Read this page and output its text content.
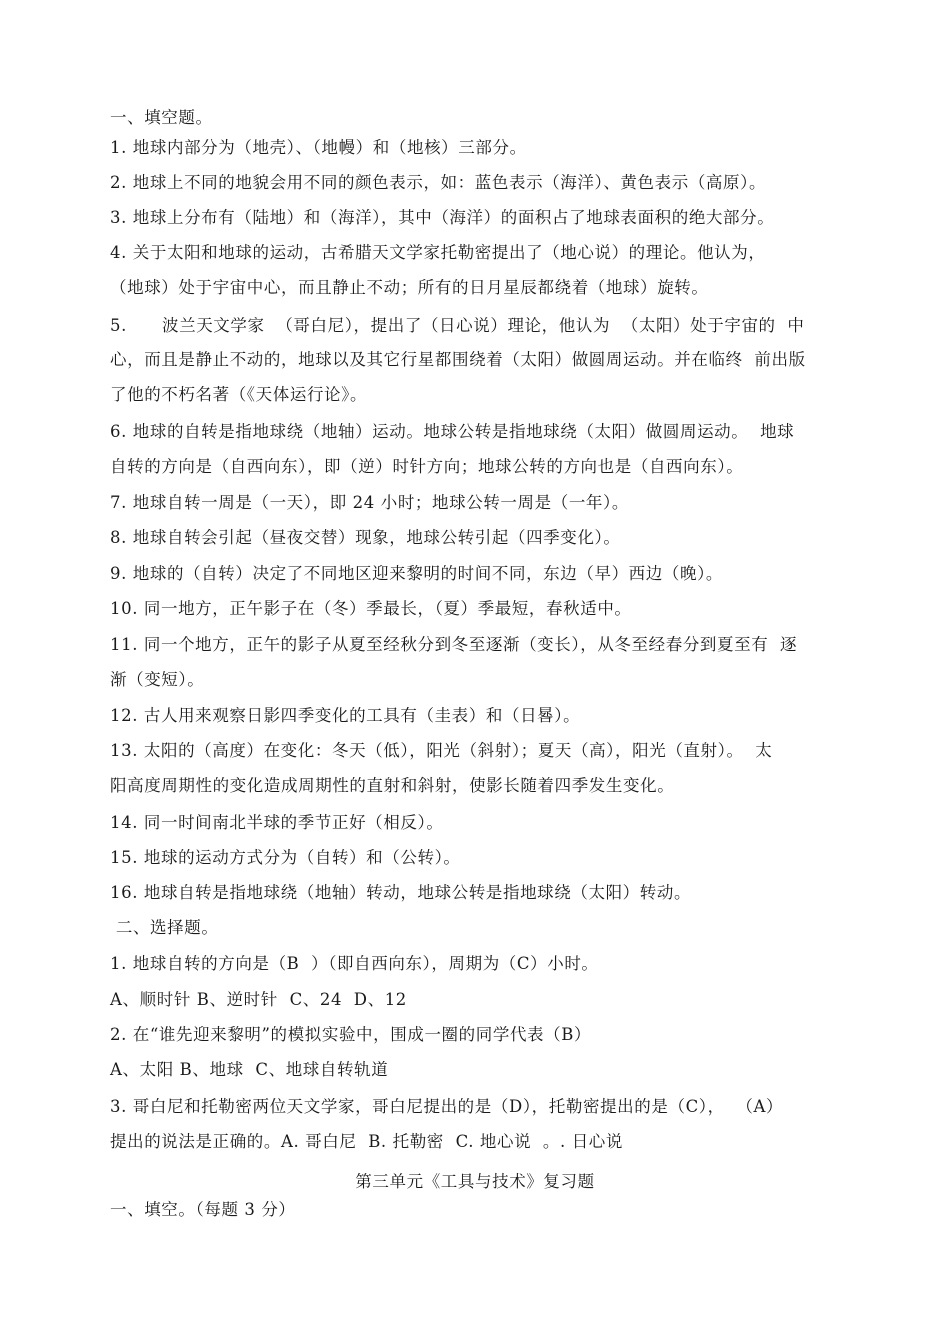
一、填空题。
1. 地球内部分为（地壳）、（地幔）和（地核）三部分。
2. 地球上不同的地貌会用不同的颜色表示，如：蓝色表示（海洋）、黄色表示（高原）。
3. 地球上分布有（陆地）和（海洋），其中（海洋）的面积占了地球表面积的绝大部分。
4. 关于太阳和地球的运动，古希腊天文学家托勒密提出了（地心说）的理论。他认为，
（地球）处于宇宙中心，而且静止不动；所有的日月星辰都绕着（地球）旋转。
5.      波兰天文学家  （哥白尼），提出了（日心说）理论，他认为  （太阳）处于宇宙的  中
心，而且是静止不动的，地球以及其它行星都围绕着（太阳）做圆周运动。并在临终  前出版
了他的不朽名著（《天体运行论》。
6. 地球的自转是指地球绕（地轴）运动。地球公转是指地球绕（太阳）做圆周运动。  地球
自转的方向是（自西向东），即（逆）时针方向；地球公转的方向也是（自西向东）。
7. 地球自转一周是（一天），即 24 小时；地球公转一周是（一年）。
8. 地球自转会引起（昼夜交替）现象，地球公转引起（四季变化）。
9. 地球的（自转）决定了不同地区迎来黎明的时间不同，东边（早）西边（晚）。
10. 同一地方，正午影子在（冬）季最长，（夏）季最短，春秋适中。
11. 同一个地方，正午的影子从夏至经秋分到冬至逐渐（变长），从冬至经春分到夏至有  逐
渐（变短）。
12. 古人用来观察日影四季变化的工具有（圭表）和（日晷）。
13. 太阳的（高度）在变化：冬天（低），阳光（斜射）；夏天（高），阳光（直射）。  太
阳高度周期性的变化造成周期性的直射和斜射，使影长随着四季发生变化。
14. 同一时间南北半球的季节正好（相反）。
15. 地球的运动方式分为（自转）和（公转）。
16. 地球自转是指地球绕（地轴）转动，地球公转是指地球绕（太阳）转动。
二、选择题。
1. 地球自转的方向是（B  ）（即自西向东），周期为（C）小时。
A、顺时针 B、逆时针  C、24  D、12
2. 在“谁先迎来黎明”的模拟实验中，围成一圈的同学代表（B）
A、太阳 B、地球  C、地球自转轨道
3. 哥白尼和托勒密两位天文学家，哥白尼提出的是（D），托勒密提出的是（C），  （A）
提出的说法是正确的。A. 哥白尼  B. 托勒密  C. 地心说  。. 日心说
第三单元《工具与技术》复习题
一、填空。（每题 3 分）
